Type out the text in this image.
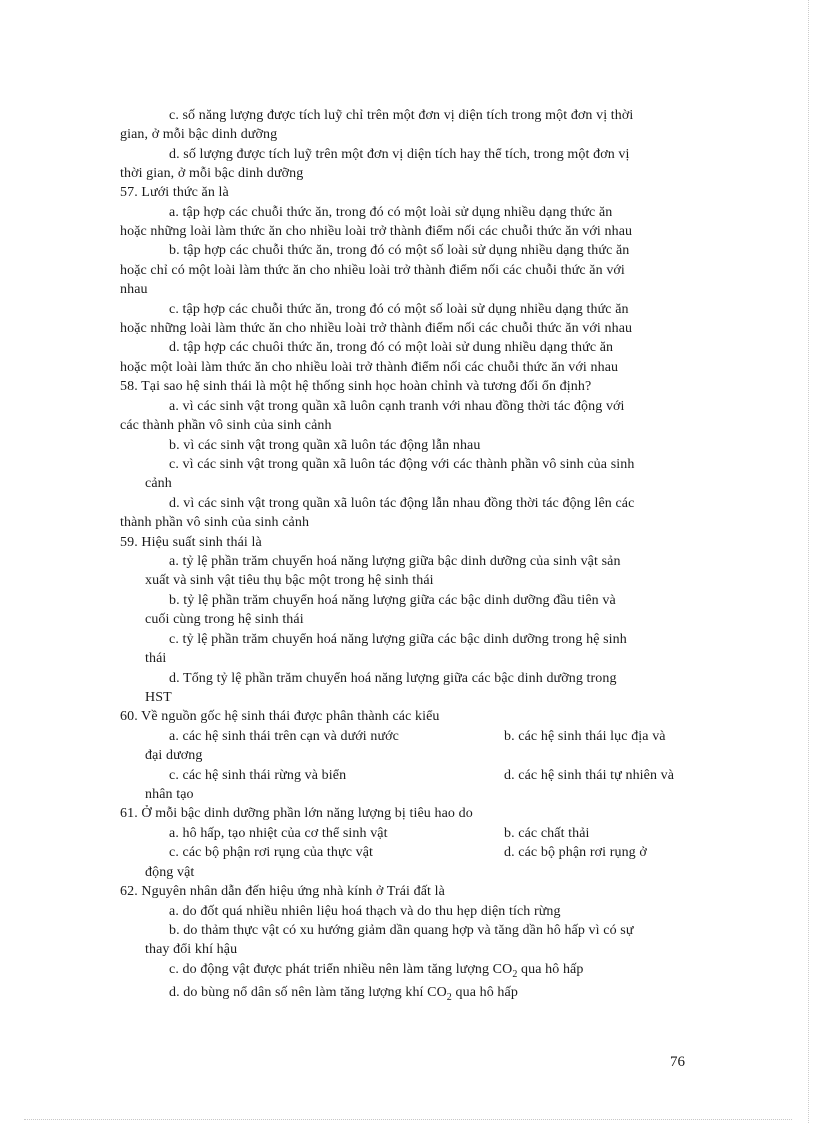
c. số năng lượng được tích luỹ chỉ trên một đơn vị diện tích trong một đơn vị thời
gian, ở mỗi bậc dinh dưỡng
d. số lượng được tích luỹ trên một đơn vị diện tích hay thể tích, trong một đơn vị
thời gian, ở mỗi bậc dinh dưỡng
57. Lưới thức ăn là
a. tập hợp các chuỗi thức ăn, trong đó có một loài sử dụng nhiều dạng thức ăn
hoặc những loài làm thức ăn cho nhiều loài trở thành điểm nối các chuỗi thức ăn với nhau
b. tập hợp các chuỗi thức ăn, trong đó có một số loài sử dụng nhiều dạng thức ăn
hoặc chỉ có một loài làm thức ăn cho nhiều loài trở thành điểm nối các chuỗi thức ăn với
nhau
c. tập hợp các chuỗi thức ăn, trong đó có một số loài sử dụng nhiều dạng thức ăn
hoặc những loài làm thức ăn cho nhiều loài trở thành điểm nối các chuỗi thức ăn với nhau
d. tập hợp các chuôi thức ăn, trong đó có một loài sử dung nhiều dạng thức ăn
hoặc một loài làm thức ăn cho nhiều loài trở thành điểm nối các chuỗi thức ăn với nhau
58. Tại sao hệ sinh thái là một hệ thống sinh học hoàn chỉnh và tương đối ổn định?
a. vì các sinh vật trong quần xã luôn cạnh tranh với nhau đồng thời tác động với
các thành phần vô sinh của sinh cảnh
b. vì các sinh vật trong quần xã luôn tác động lẫn nhau
c. vì các sinh vật trong quần xã luôn tác động với các thành phần vô sinh của sinh
cảnh
d. vì các sinh vật trong quần xã luôn tác động lẫn nhau đồng thời tác động lên các
thành phần vô sinh của sinh cảnh
59. Hiệu suất sinh thái là
a. tỷ lệ phần trăm chuyển hoá năng lượng giữa bậc dinh dưỡng của sinh vật sản
xuất và sinh vật tiêu thụ bậc một trong hệ sinh thái
b. tỷ lệ phần trăm chuyển hoá năng lượng giữa các bậc dinh dưỡng đầu tiên và
cuối cùng trong hệ sinh thái
c. tỷ lệ phần trăm chuyển hoá năng lượng giữa các bậc dinh dưỡng trong hệ sinh
thái
d. Tổng tỷ lệ phần trăm chuyển hoá năng lượng giữa các bậc dinh dưỡng trong
HST
60. Về nguồn gốc hệ sinh thái được phân thành các kiểu
a. các hệ sinh thái trên cạn và dưới nước	b. các hệ sinh thái lục địa và
đại dương
c. các hệ sinh thái rừng và biển	d. các hệ sinh thái tự nhiên và
nhân tạo
61. Ở mỗi bậc dinh dưỡng phần lớn năng lượng bị tiêu hao do
a. hô hấp, tạo nhiệt của cơ thể sinh vật	b. các chất thải
c. các bộ phận rơi rụng của thực vật	d. các bộ phận rơi rụng ở
động vật
62. Nguyên nhân dẫn đến hiệu ứng nhà kính ở Trái đất là
a. do đốt quá nhiều nhiên liệu hoá thạch và do thu hẹp diện tích rừng
b. do thảm thực vật có xu hướng giảm dần quang hợp và tăng dần hô hấp vì có sự
thay đổi khí hậu
c. do động vật được phát triển nhiều nên làm tăng lượng $CO_2$ qua hô hấp
d. do bùng nổ dân số nên làm tăng lượng khí $CO_2$ qua hô hấp
76
